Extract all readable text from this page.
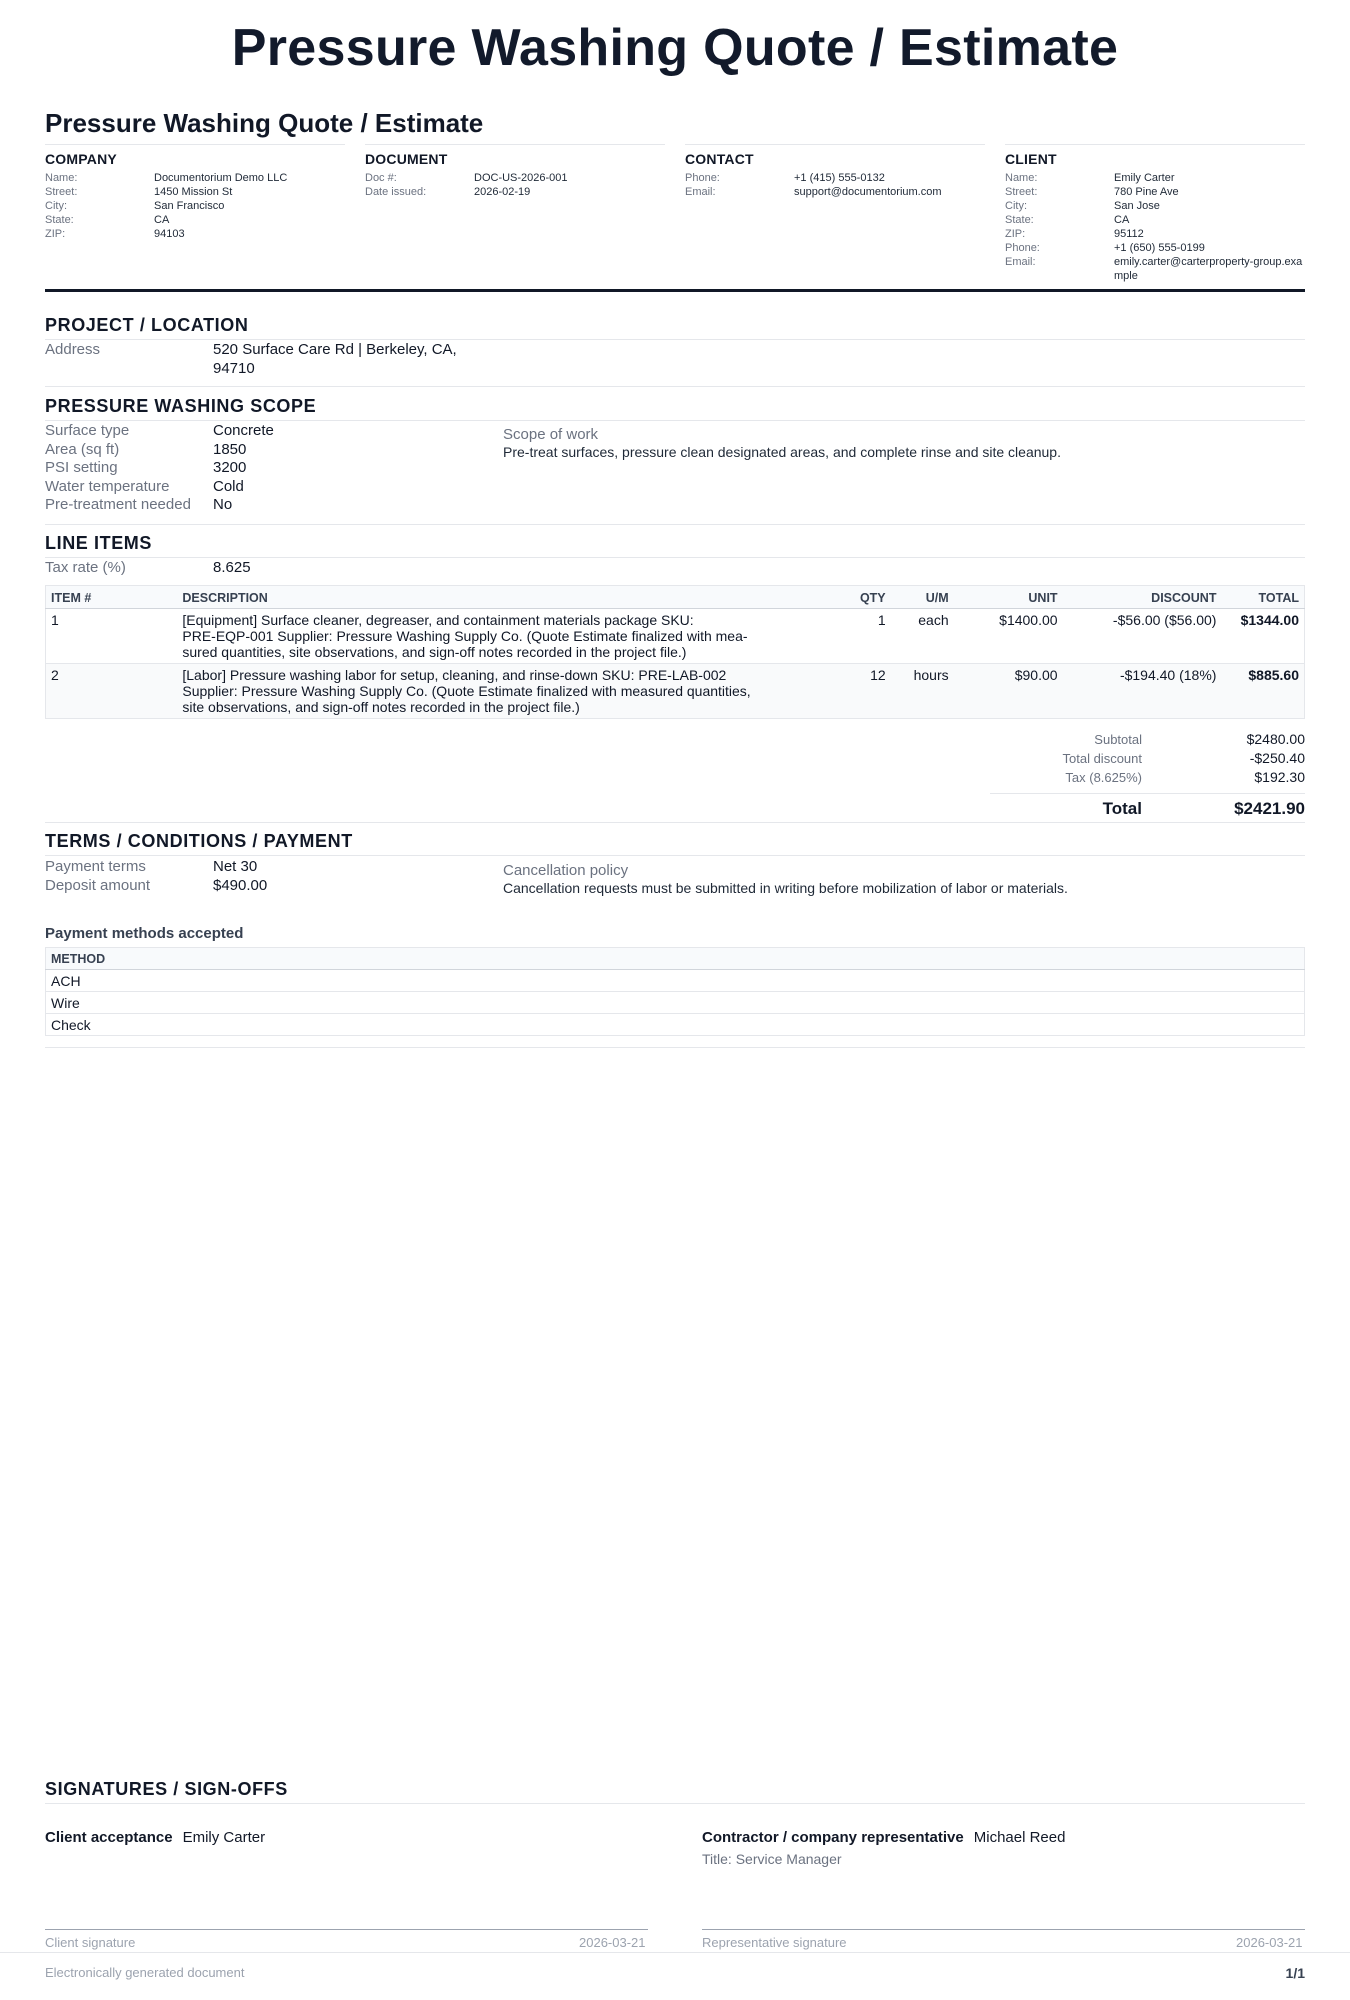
Pressure Washing Quote / Estimate
Pressure Washing Quote / Estimate
COMPANY
Name:	Documentorium Demo LLC
Street:	1450 Mission St
City:	San Francisco
State:	CA
ZIP:	94103
DOCUMENT
Doc #:	DOC-US-2026-001
Date issued:	2026-02-19
CONTACT
Phone:	+1 (415) 555-0132
Email:	support@documentorium.com
CLIENT
Name:	Emily Carter
Street:	780 Pine Ave
City:	San Jose
State:	CA
ZIP:	95112
Phone:	+1 (650) 555-0199
Email:	emily.carter@carterproperty-group.example
PROJECT / LOCATION
Address	520 Surface Care Rd | Berkeley, CA,
94710
PRESSURE WASHING SCOPE
Surface type	Concrete
Area (sq ft)	1850
PSI setting	3200
Water temperature	Cold
Pre-treatment needed	No
Scope of work
Pre-treat surfaces, pressure clean designated areas, and complete rinse and site cleanup.
LINE ITEMS
Tax rate (%)	8.625
ITEM #	DESCRIPTION	QTY	U/M	UNIT	DISCOUNT	TOTAL
1	[Equipment] Surface cleaner, degreaser, and containment materials package SKU:
PRE-EQP-001 Supplier: Pressure Washing Supply Co. (Quote Estimate finalized with mea-
sured quantities, site observations, and sign-off notes recorded in the project file.)	1	each	$1400.00	-$56.00 ($56.00)	$1344.00
2	[Labor] Pressure washing labor for setup, cleaning, and rinse-down SKU: PRE-LAB-002
Supplier: Pressure Washing Supply Co. (Quote Estimate finalized with measured quantities,
site observations, and sign-off notes recorded in the project file.)	12	hours	$90.00	-$194.40 (18%)	$885.60
Subtotal	$2480.00
Total discount	-$250.40
Tax (8.625%)	$192.30
Total	$2421.90
TERMS / CONDITIONS / PAYMENT
Payment terms	Net 30
Deposit amount	$490.00
Cancellation policy
Cancellation requests must be submitted in writing before mobilization of labor or materials.
Payment methods accepted
METHOD
ACH
Wire
Check
SIGNATURES / SIGN-OFFS
Client acceptance Emily Carter	Contractor / company representative Michael Reed
Title: Service Manager
Client signature	2026-03-21	Representative signature	2026-03-21
Electronically generated document	1/1
